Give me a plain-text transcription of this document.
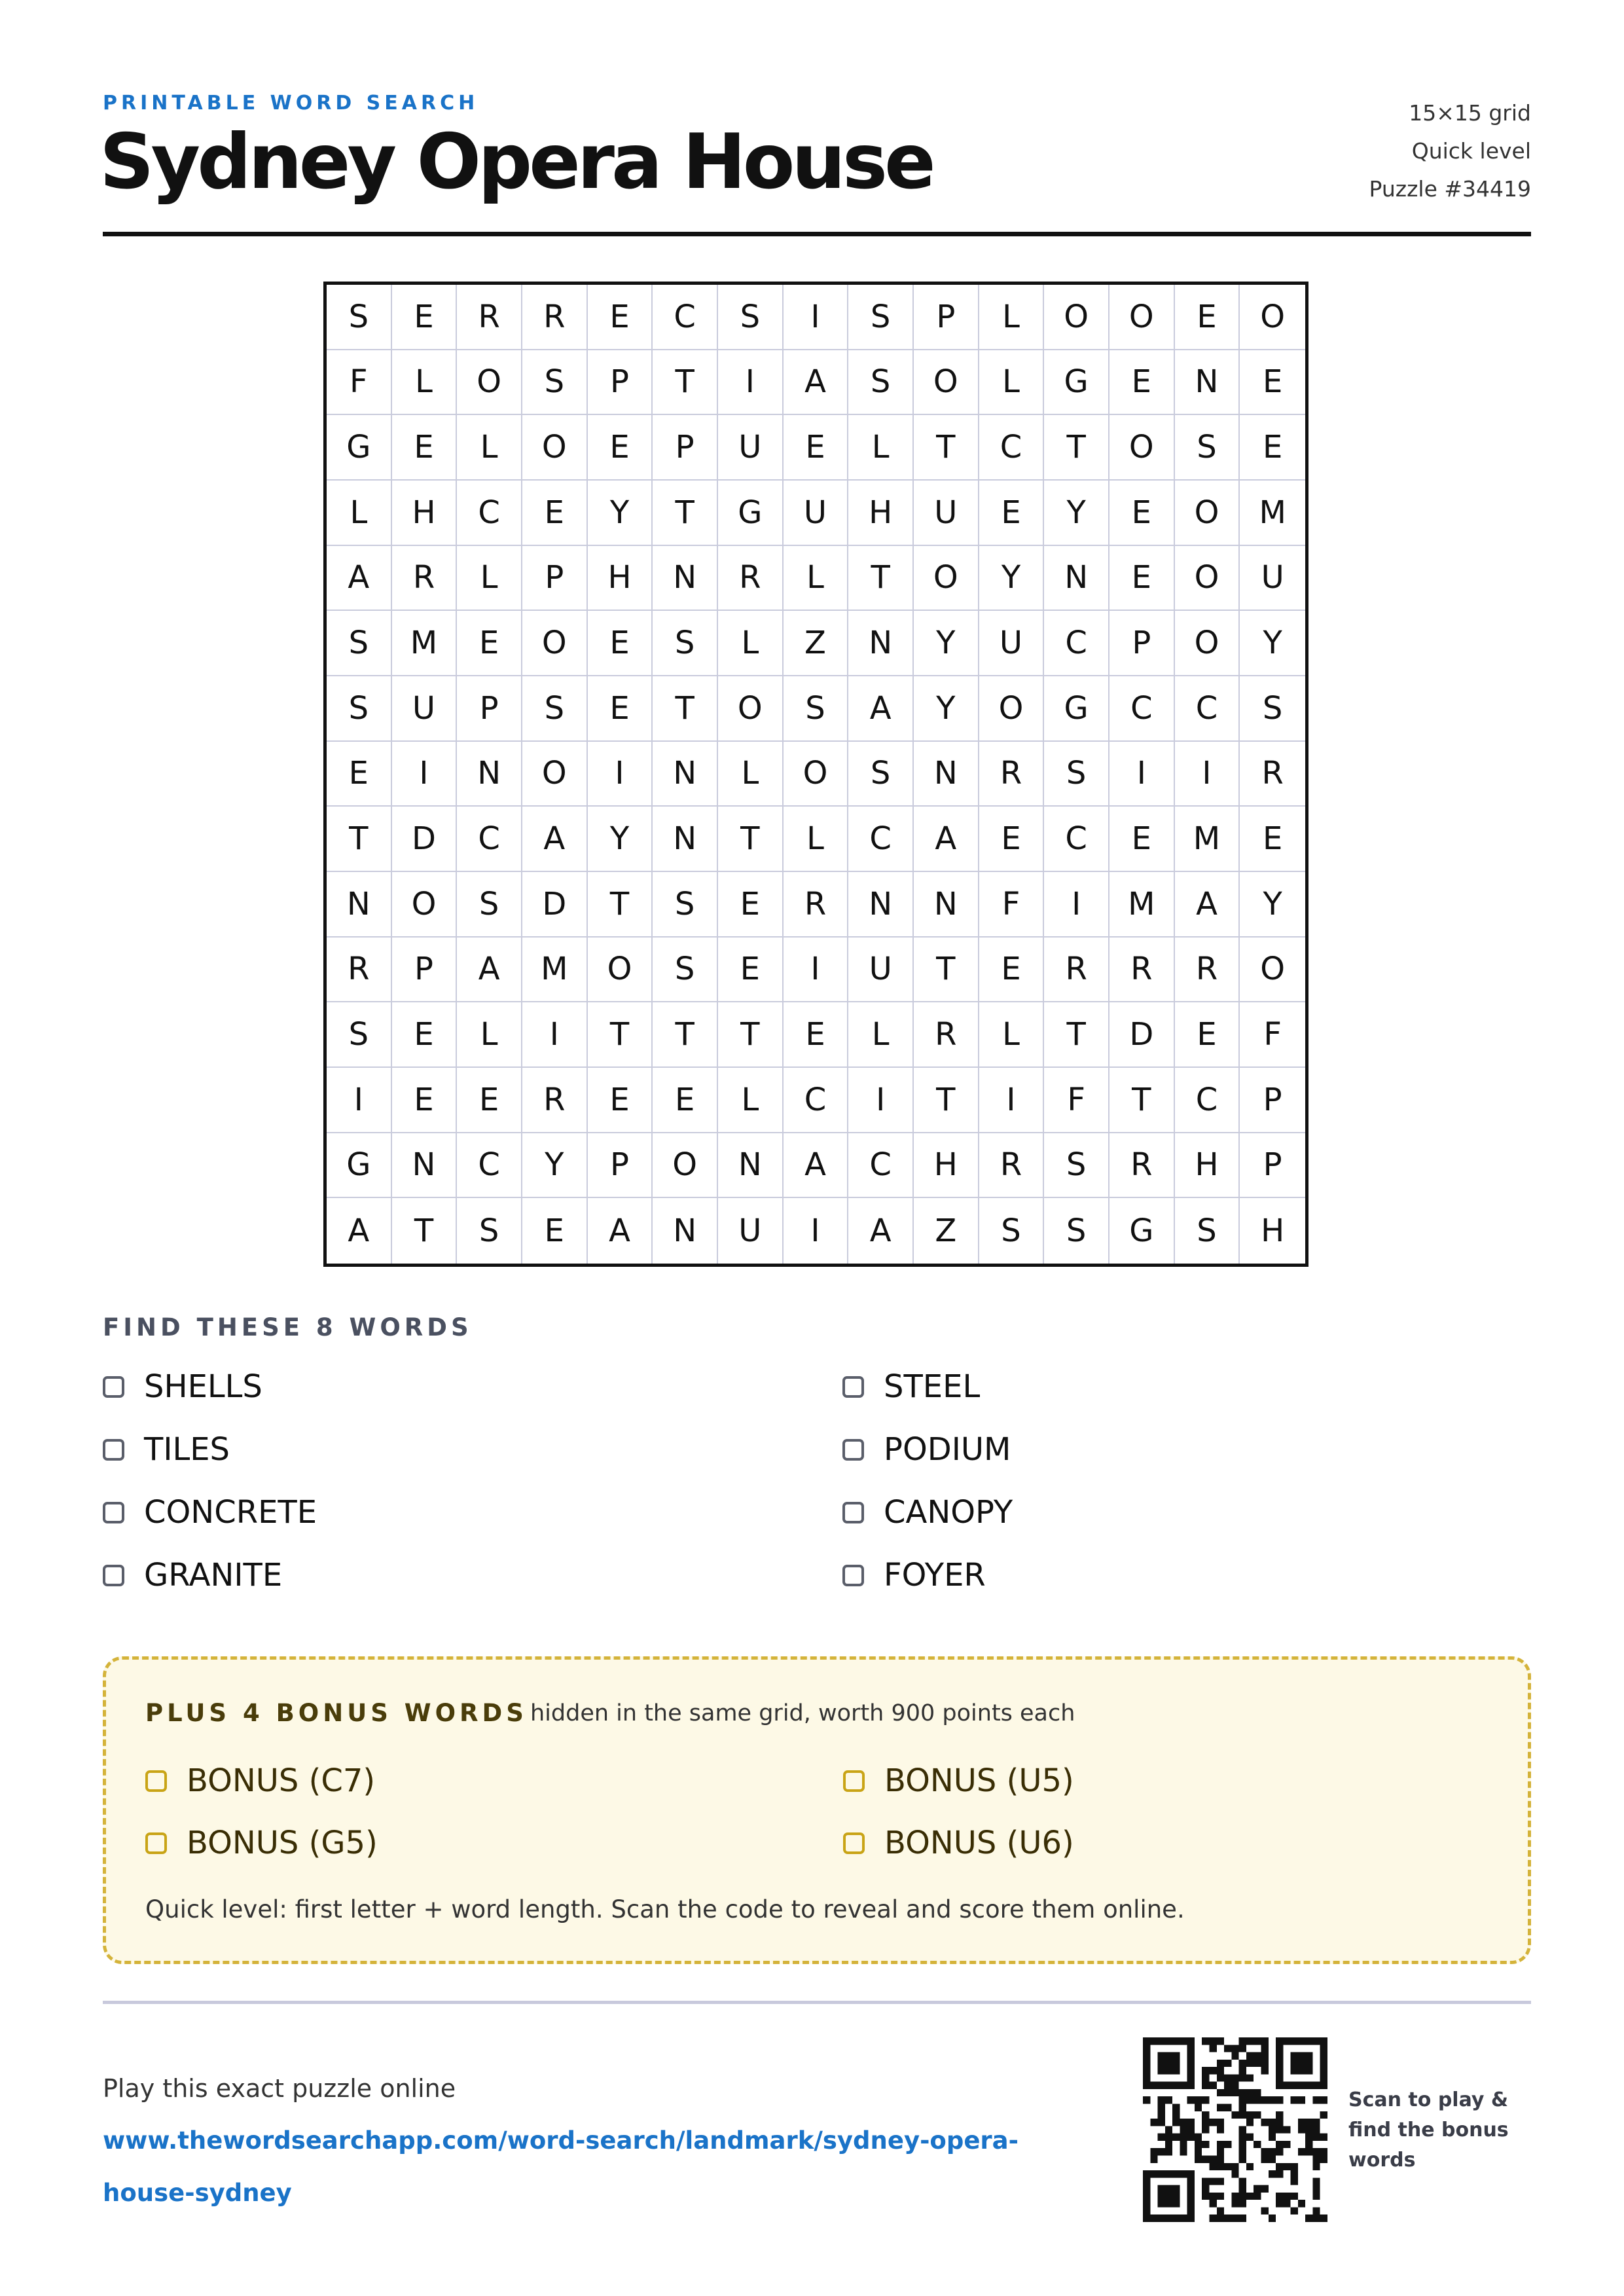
PRINTABLE WORD SEARCH
Sydney Opera House
15×15 grid
Quick level
Puzzle #34419
S	E	R	R	E	C	S	I	S	P	L	O	O	E	O
F	L	O	S	P	T	I	A	S	O	L	G	E	N	E
G	E	L	O	E	P	U	E	L	T	C	T	O	S	E
L	H	C	E	Y	T	G	U	H	U	E	Y	E	O	M
A	R	L	P	H	N	R	L	T	O	Y	N	E	O	U
S	M	E	O	E	S	L	Z	N	Y	U	C	P	O	Y
S	U	P	S	E	T	O	S	A	Y	O	G	C	C	S
E	I	N	O	I	N	L	O	S	N	R	S	I	I	R
T	D	C	A	Y	N	T	L	C	A	E	C	E	M	E
N	O	S	D	T	S	E	R	N	N	F	I	M	A	Y
R	P	A	M	O	S	E	I	U	T	E	R	R	R	O
S	E	L	I	T	T	T	E	L	R	L	T	D	E	F
I	E	E	R	E	E	L	C	I	T	I	F	T	C	P
G	N	C	Y	P	O	N	A	C	H	R	S	R	H	P
A	T	S	E	A	N	U	I	A	Z	S	S	G	S	H
FIND THESE 8 WORDS
SHELLS
TILES
CONCRETE
GRANITE
STEEL
PODIUM
CANOPY
FOYER
PLUS 4 BONUS WORDS hidden in the same grid, worth 900 points each
BONUS (C7)
BONUS (G5)
BONUS (U5)
BONUS (U6)
Quick level: first letter + word length. Scan the code to reveal and score them online.
Play this exact puzzle online
www.thewordsearchapp.com/word-search/landmark/sydney-opera-house-sydney
Scan to play & find the bonus words
